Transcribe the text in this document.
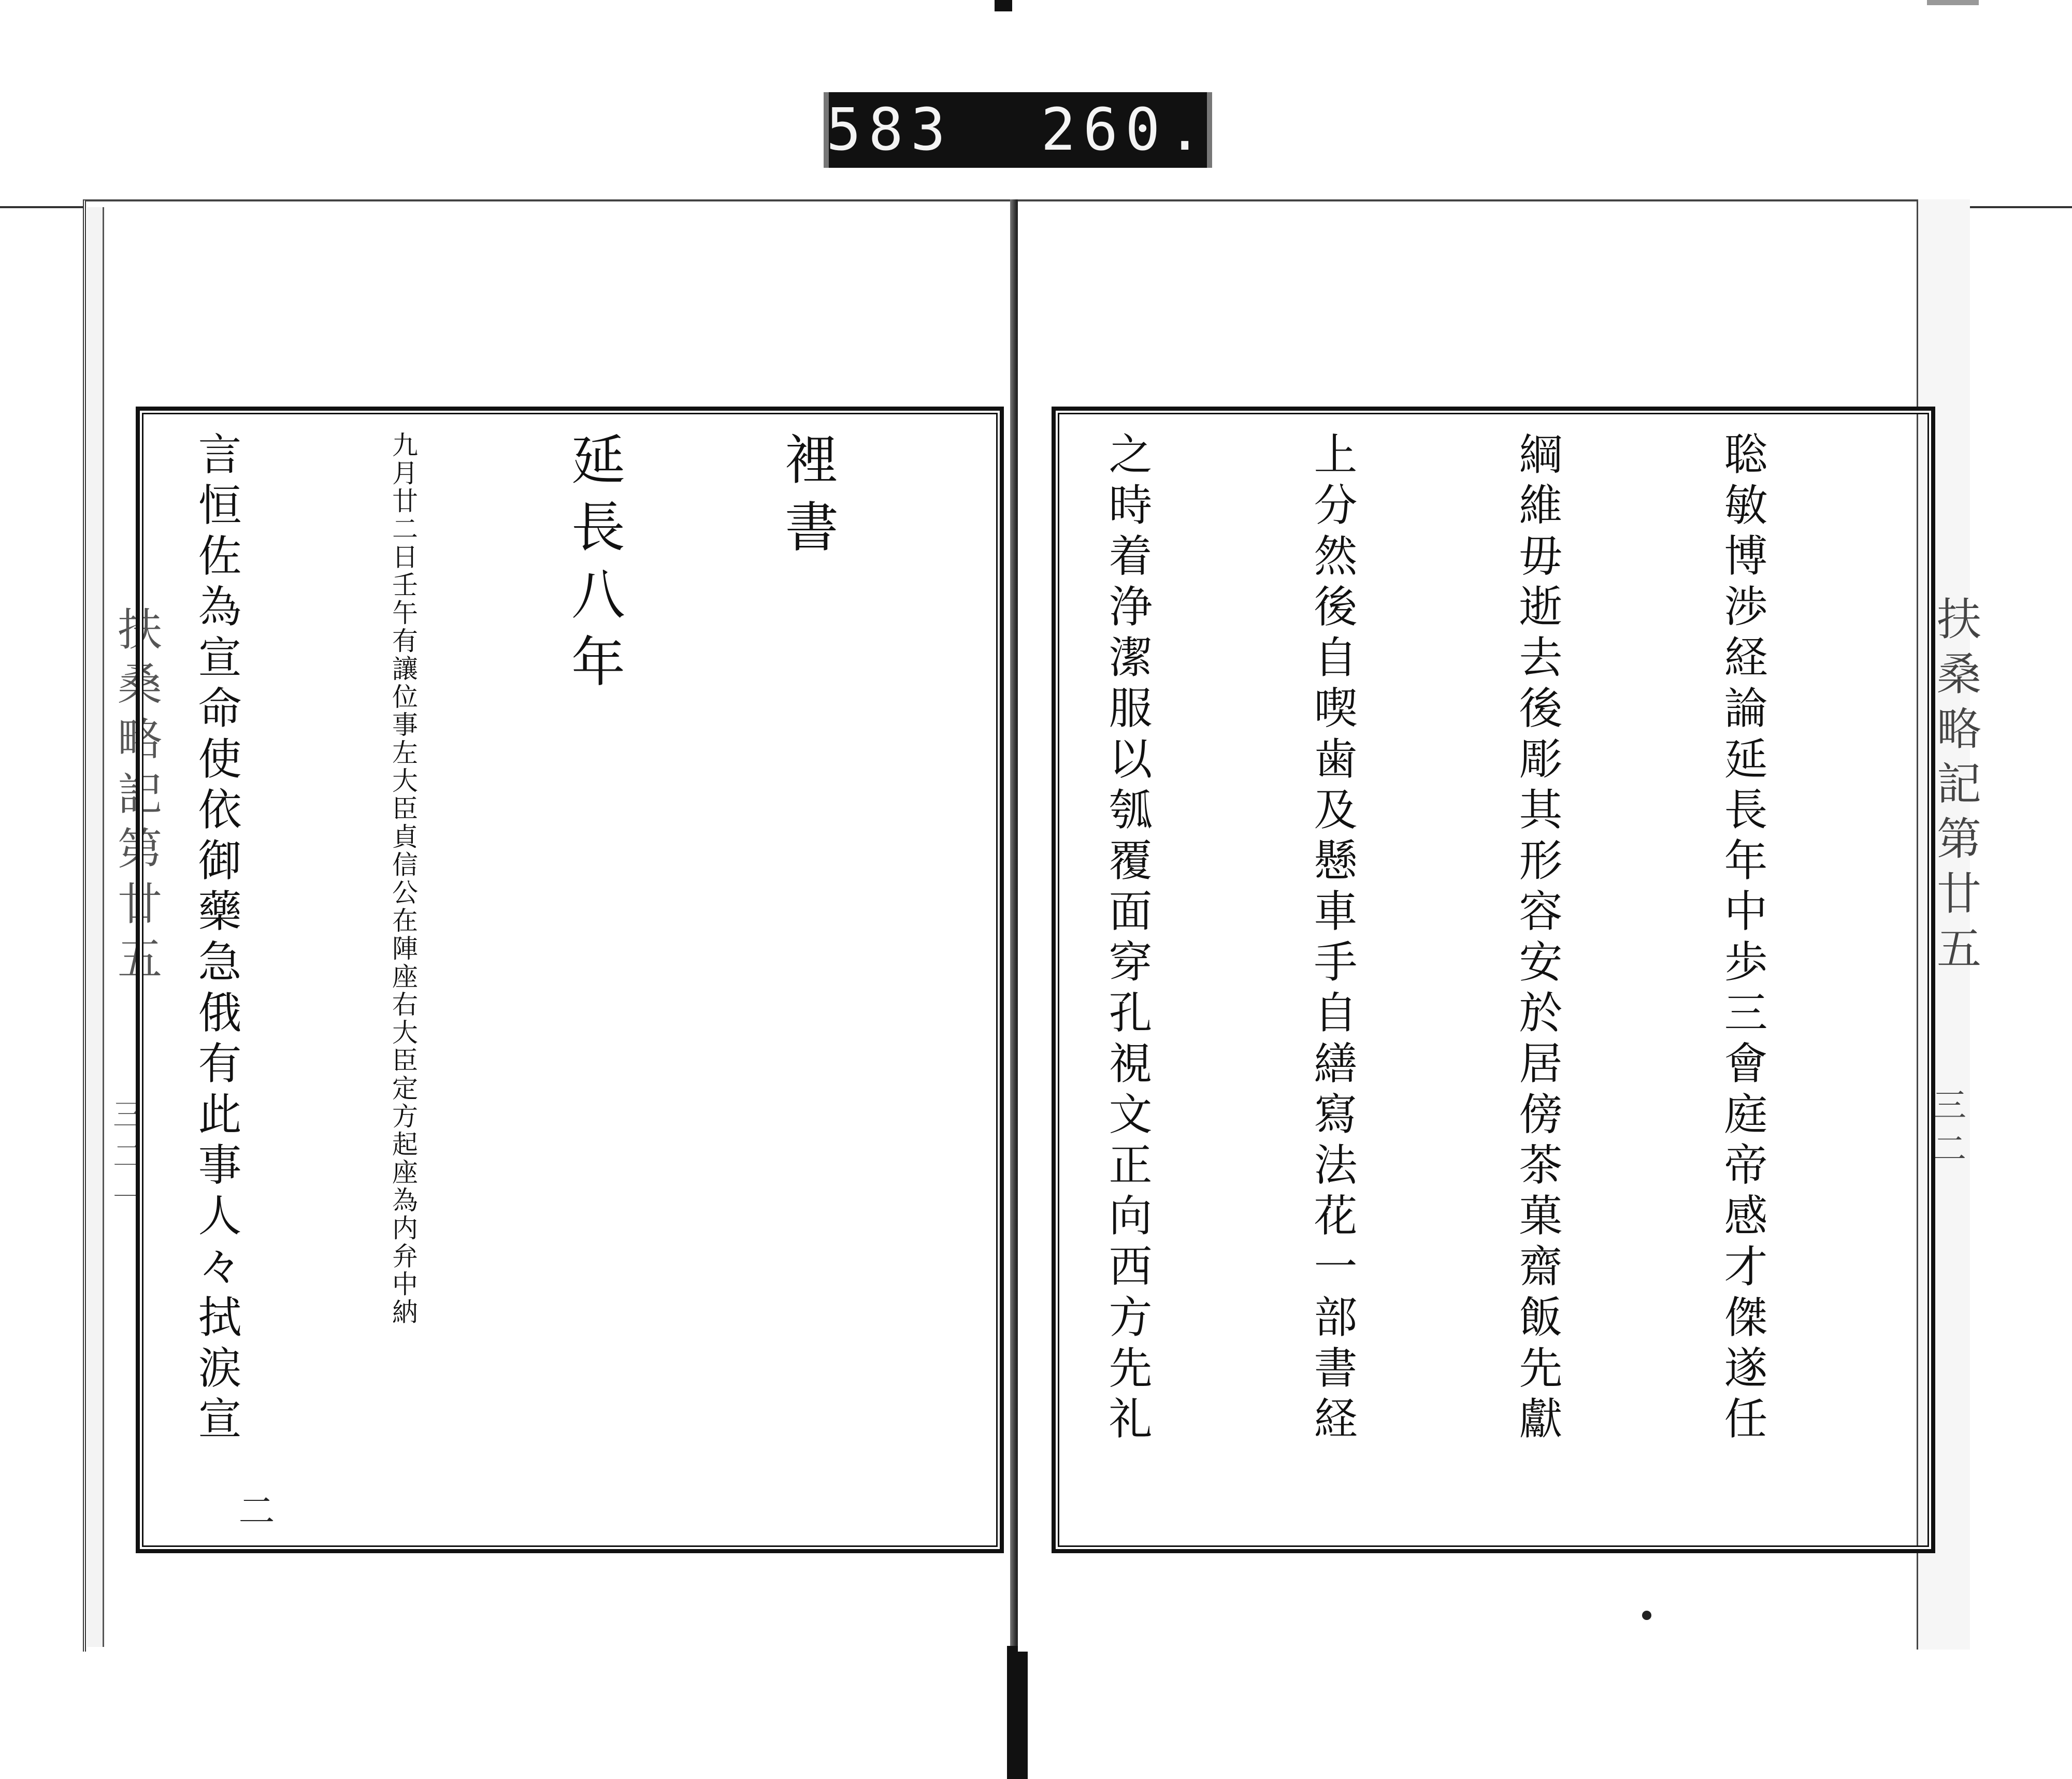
583 260.
扶桑略記第廿五
三二一

裡書

延長八年

九月廿二日壬午有讓位事左大臣貞信公在陣座右大臣定方起座為内弁中納

言恒佐為宣命使依御藥急俄有此事人々拭涙宣

二
扶桑略記第廿五
三二

聡敏博渉経論延長年中歩三會庭帝感才傑遂任

綱維毋逝去後彫其形容安於居傍茶菓齋飯先獻

上分然後自喫歯及懸車手自繕寫法花一部書経

之時着浄潔服以瓠覆面穿孔視文正向西方先礼
